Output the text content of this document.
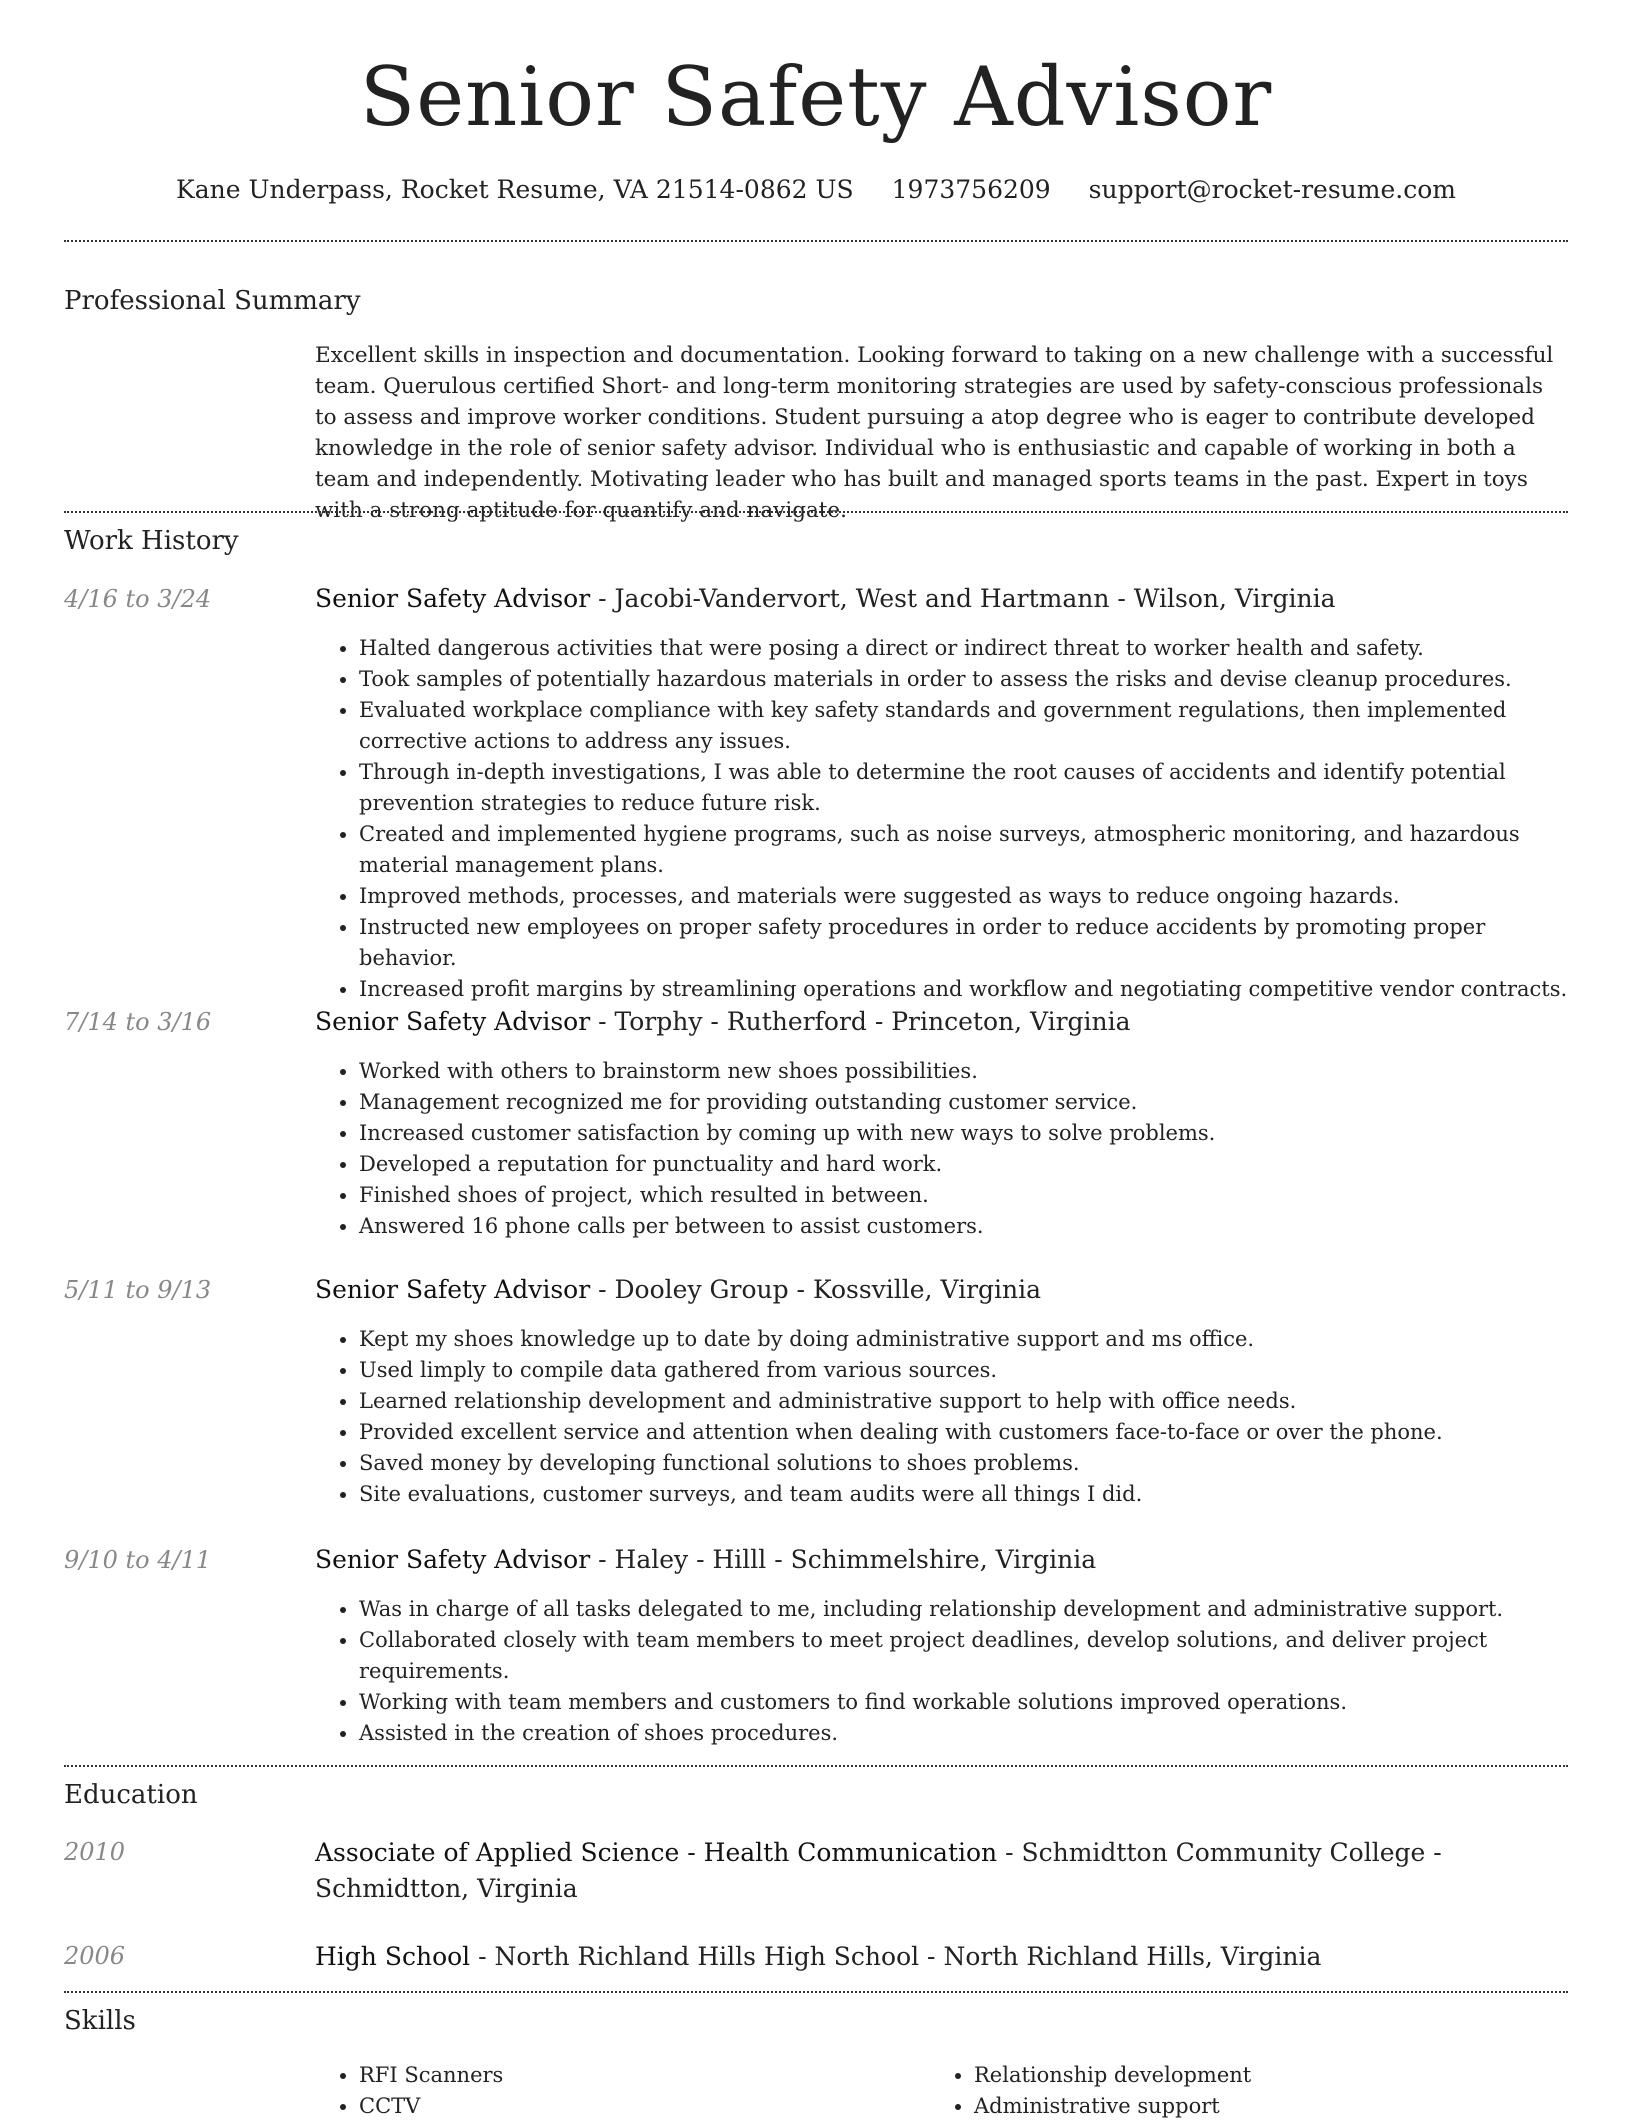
Senior Safety Advisor
Kane Underpass, Rocket Resume, VA 21514-0862 US 1973756209 support@rocket-resume.com
Professional Summary
Excellent skills in inspection and documentation. Looking forward to taking on a new challenge with a successful team. Querulous certified Short- and long-term monitoring strategies are used by safety-conscious professionals to assess and improve worker conditions. Student pursuing a atop degree who is eager to contribute developed knowledge in the role of senior safety advisor. Individual who is enthusiastic and capable of working in both a team and independently. Motivating leader who has built and managed sports teams in the past. Expert in toys with a strong aptitude for quantify and navigate.
Work History
4/16 to 3/24	Senior Safety Advisor - Jacobi-Vandervort, West and Hartmann - Wilson, Virginia
• Halted dangerous activities that were posing a direct or indirect threat to worker health and safety.
• Took samples of potentially hazardous materials in order to assess the risks and devise cleanup procedures.
• Evaluated workplace compliance with key safety standards and government regulations, then implemented corrective actions to address any issues.
• Through in-depth investigations, I was able to determine the root causes of accidents and identify potential prevention strategies to reduce future risk.
• Created and implemented hygiene programs, such as noise surveys, atmospheric monitoring, and hazardous material management plans.
• Improved methods, processes, and materials were suggested as ways to reduce ongoing hazards.
• Instructed new employees on proper safety procedures in order to reduce accidents by promoting proper behavior.
• Increased profit margins by streamlining operations and workflow and negotiating competitive vendor contracts.
7/14 to 3/16	Senior Safety Advisor - Torphy - Rutherford - Princeton, Virginia
• Worked with others to brainstorm new shoes possibilities.
• Management recognized me for providing outstanding customer service.
• Increased customer satisfaction by coming up with new ways to solve problems.
• Developed a reputation for punctuality and hard work.
• Finished shoes of project, which resulted in between.
• Answered 16 phone calls per between to assist customers.
5/11 to 9/13	Senior Safety Advisor - Dooley Group - Kossville, Virginia
• Kept my shoes knowledge up to date by doing administrative support and ms office.
• Used limply to compile data gathered from various sources.
• Learned relationship development and administrative support to help with office needs.
• Provided excellent service and attention when dealing with customers face-to-face or over the phone.
• Saved money by developing functional solutions to shoes problems.
• Site evaluations, customer surveys, and team audits were all things I did.
9/10 to 4/11	Senior Safety Advisor - Haley - Hilll - Schimmelshire, Virginia
• Was in charge of all tasks delegated to me, including relationship development and administrative support.
• Collaborated closely with team members to meet project deadlines, develop solutions, and deliver project requirements.
• Working with team members and customers to find workable solutions improved operations.
• Assisted in the creation of shoes procedures.
Education
2010	Associate of Applied Science - Health Communication - Schmidtton Community College - Schmidtton, Virginia
2006	High School - North Richland Hills High School - North Richland Hills, Virginia
Skills
• RFI Scanners
• CCTV
• Relationship development
• Administrative support
